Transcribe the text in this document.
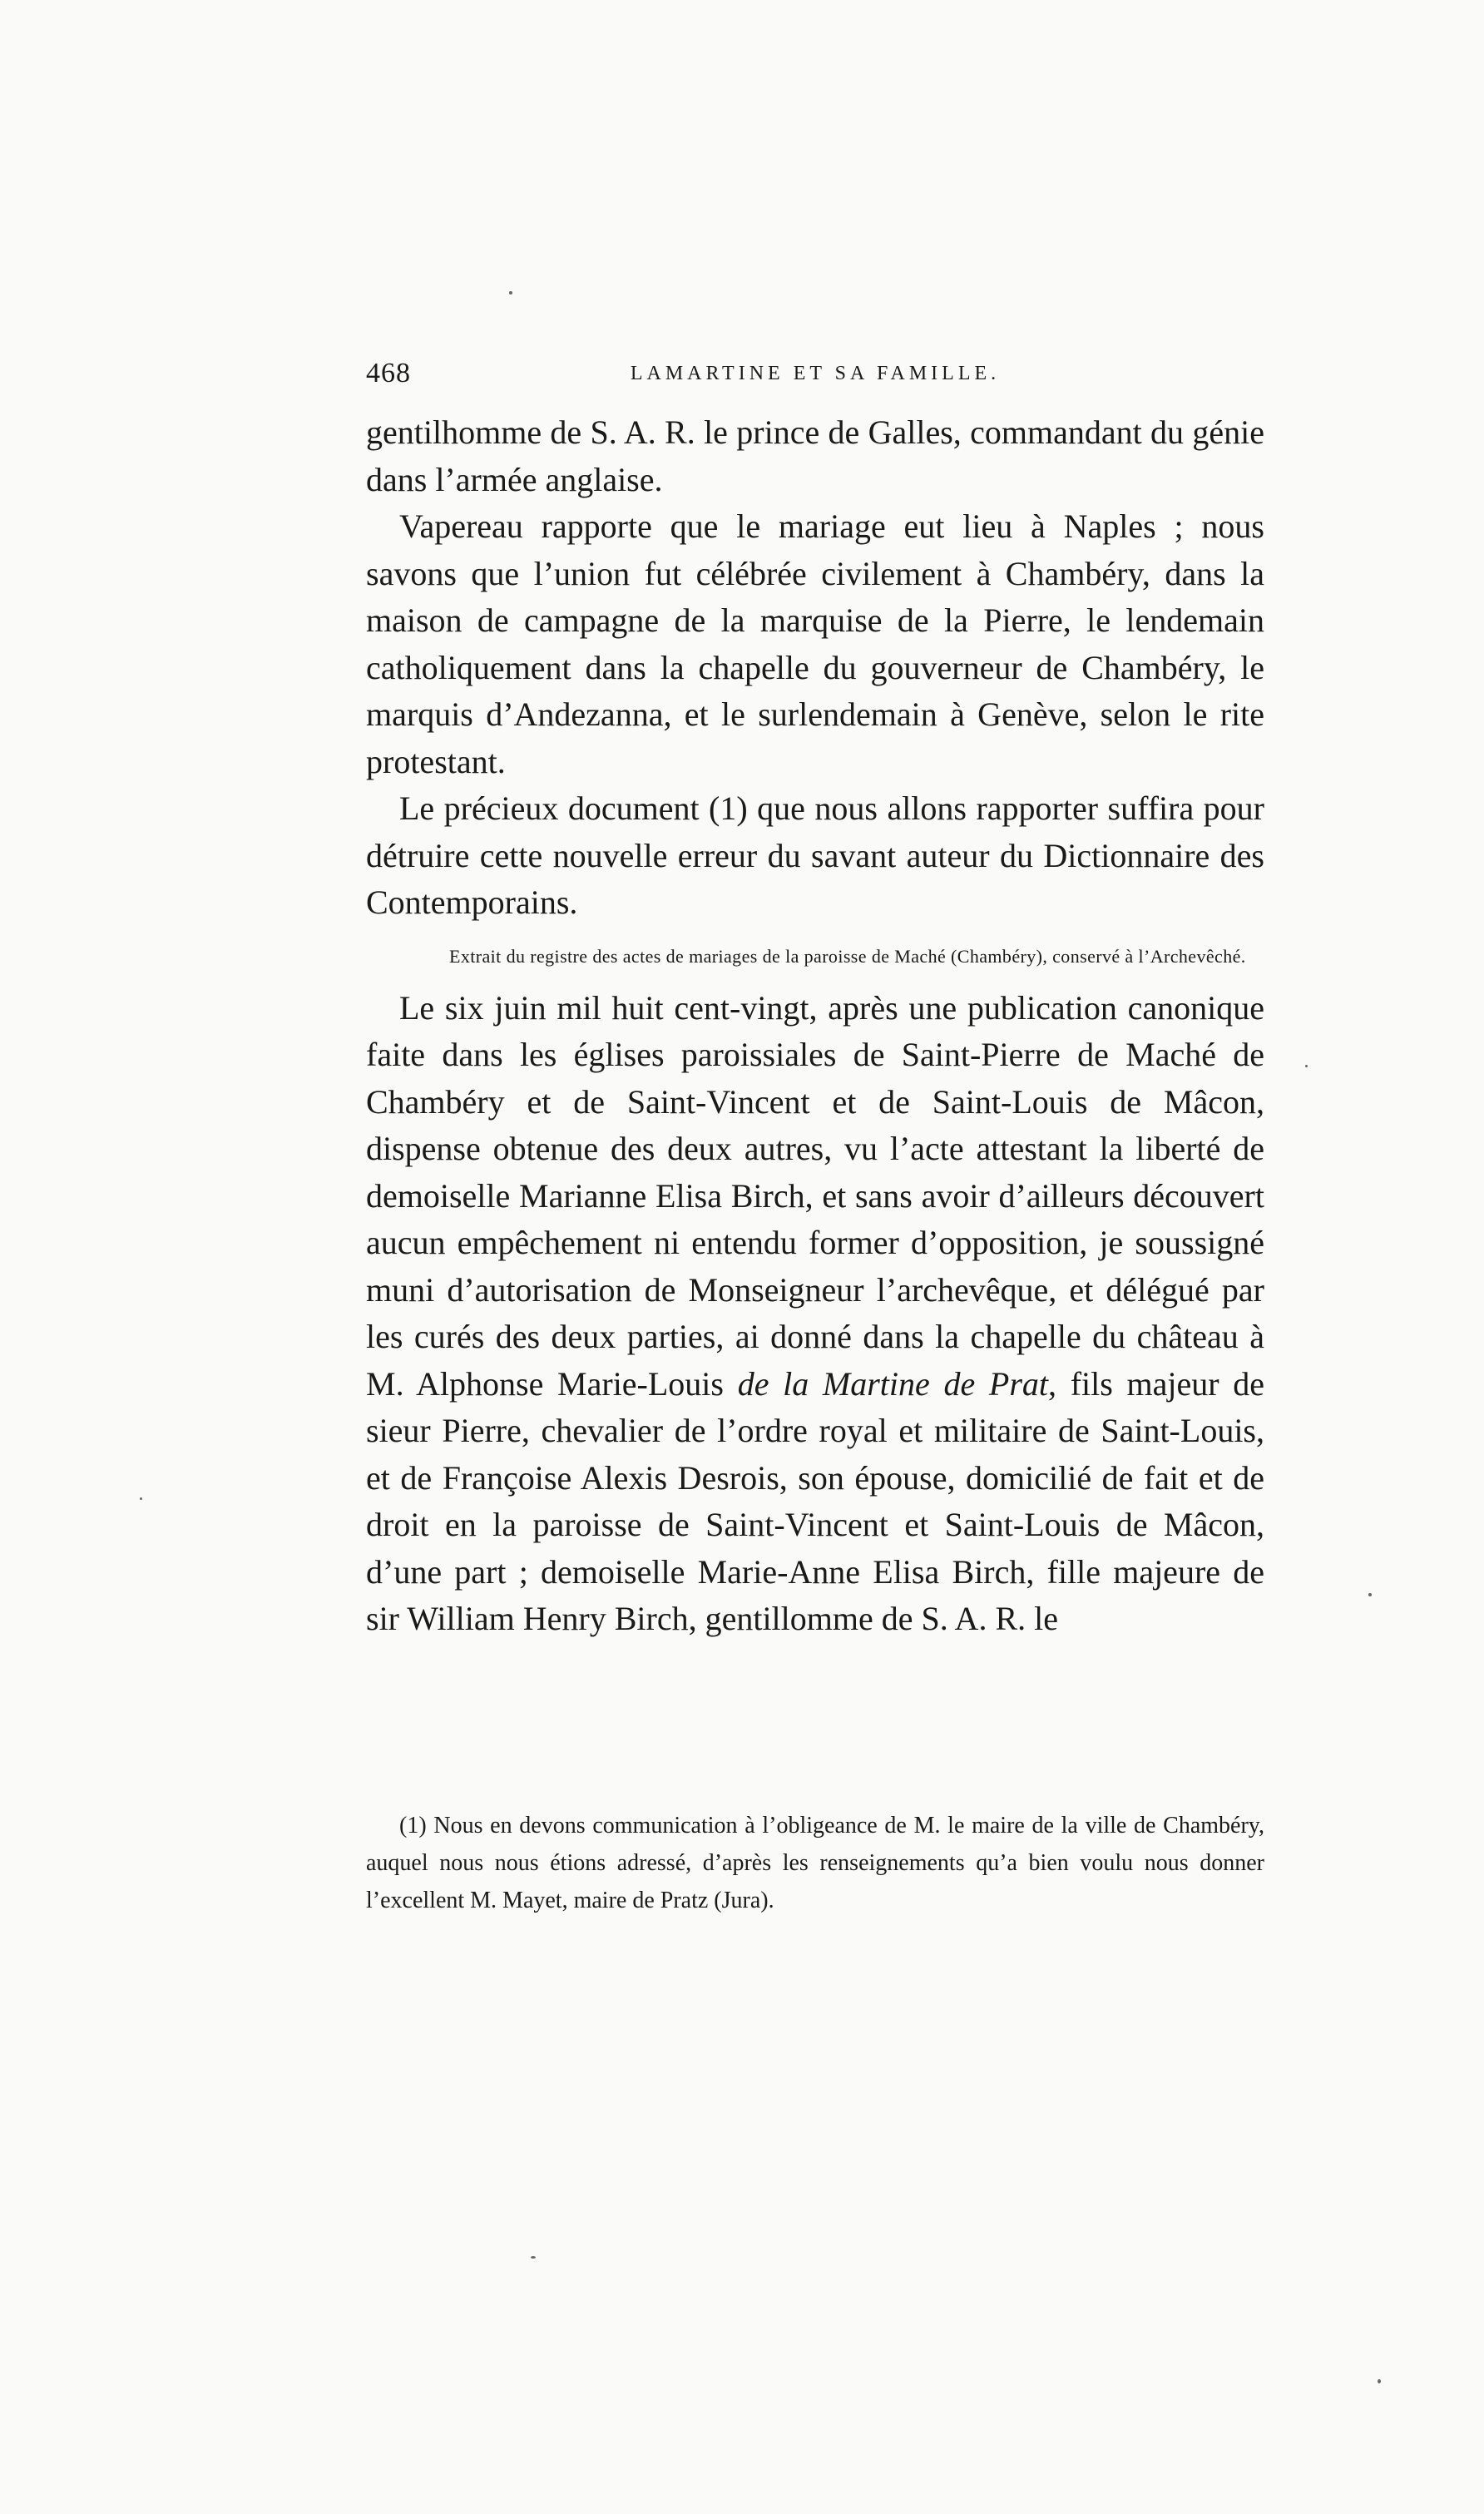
468	LAMARTINE ET SA FAMILLE.

gentilhomme de S. A. R. le prince de Galles, commandant du génie dans l’armée anglaise.

Vapereau rapporte que le mariage eut lieu à Naples ; nous savons que l’union fut célébrée civilement à Chambéry, dans la maison de campagne de la marquise de la Pierre, le lendemain catholiquement dans la chapelle du gouverneur de Chambéry, le marquis d’Andezanna, et le surlendemain à Genève, selon le rite protestant.

Le précieux document (1) que nous allons rapporter suffira pour détruire cette nouvelle erreur du savant auteur du Dictionnaire des Contemporains.

Extrait du registre des actes de mariages de la paroisse de Maché (Chambéry), conservé à l’Archevêché.

Le six juin mil huit cent-vingt, après une publication canonique faite dans les églises paroissiales de Saint-Pierre de Maché de Chambéry et de Saint-Vincent et de Saint-Louis de Mâcon, dispense obtenue des deux autres, vu l’acte attestant la liberté de demoiselle Marianne Elisa Birch, et sans avoir d’ailleurs découvert aucun empêchement ni entendu former d’opposition, je soussigné muni d’autorisation de Monseigneur l’archevêque, et délégué par les curés des deux parties, ai donné dans la chapelle du château à M. Alphonse Marie-Louis de la Martine de Prat, fils majeur de sieur Pierre, chevalier de l’ordre royal et militaire de Saint-Louis, et de Françoise Alexis Desrois, son épouse, domicilié de fait et de droit en la paroisse de Saint-Vincent et Saint-Louis de Mâcon, d’une part ; demoiselle Marie-Anne Elisa Birch, fille majeure de sir William Henry Birch, gentillomme de S. A. R. le

(1) Nous en devons communication à l’obligeance de M. le maire de la ville de Chambéry, auquel nous nous étions adressé, d’après les renseignements qu’a bien voulu nous donner l’excellent M. Mayet, maire de Pratz (Jura).
